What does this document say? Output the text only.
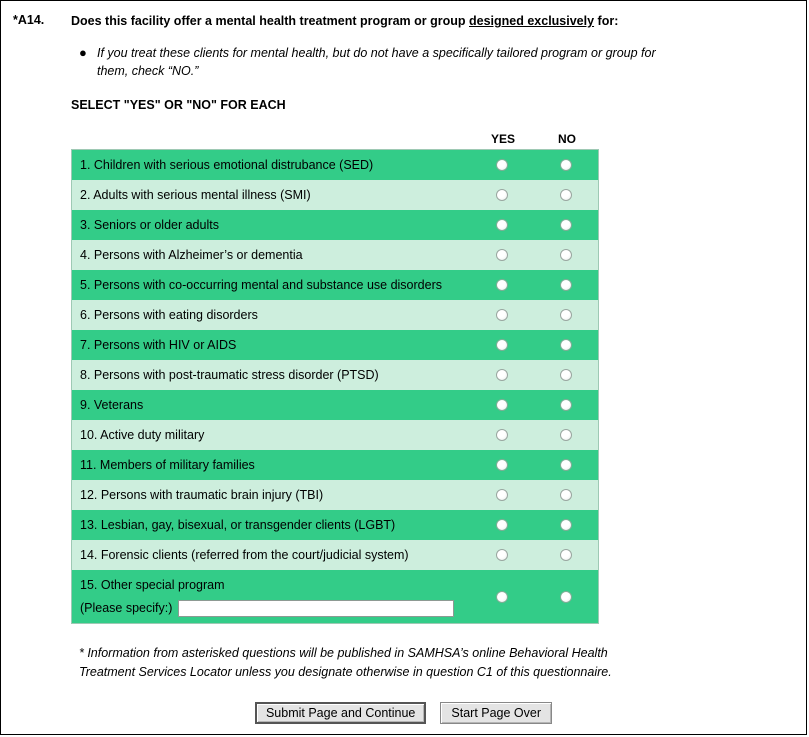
*A14.	Does this facility offer a mental health treatment program or group designed exclusively for:
● If you treat these clients for mental health, but do not have a specifically tailored program or group for them, check “NO.”
SELECT "YES" OR "NO" FOR EACH
YES	NO
1. Children with serious emotional distrubance (SED)
2. Adults with serious mental illness (SMI)
3. Seniors or older adults
4. Persons with Alzheimer’s or dementia
5. Persons with co-occurring mental and substance use disorders
6. Persons with eating disorders
7. Persons with HIV or AIDS
8. Persons with post-traumatic stress disorder (PTSD)
9. Veterans
10. Active duty military
11. Members of military families
12. Persons with traumatic brain injury (TBI)
13. Lesbian, gay, bisexual, or transgender clients (LGBT)
14. Forensic clients (referred from the court/judicial system)
15. Other special program
(Please specify:)
* Information from asterisked questions will be published in SAMHSA’s online Behavioral Health Treatment Services Locator unless you designate otherwise in question C1 of this questionnaire.
Submit Page and Continue	Start Page Over
